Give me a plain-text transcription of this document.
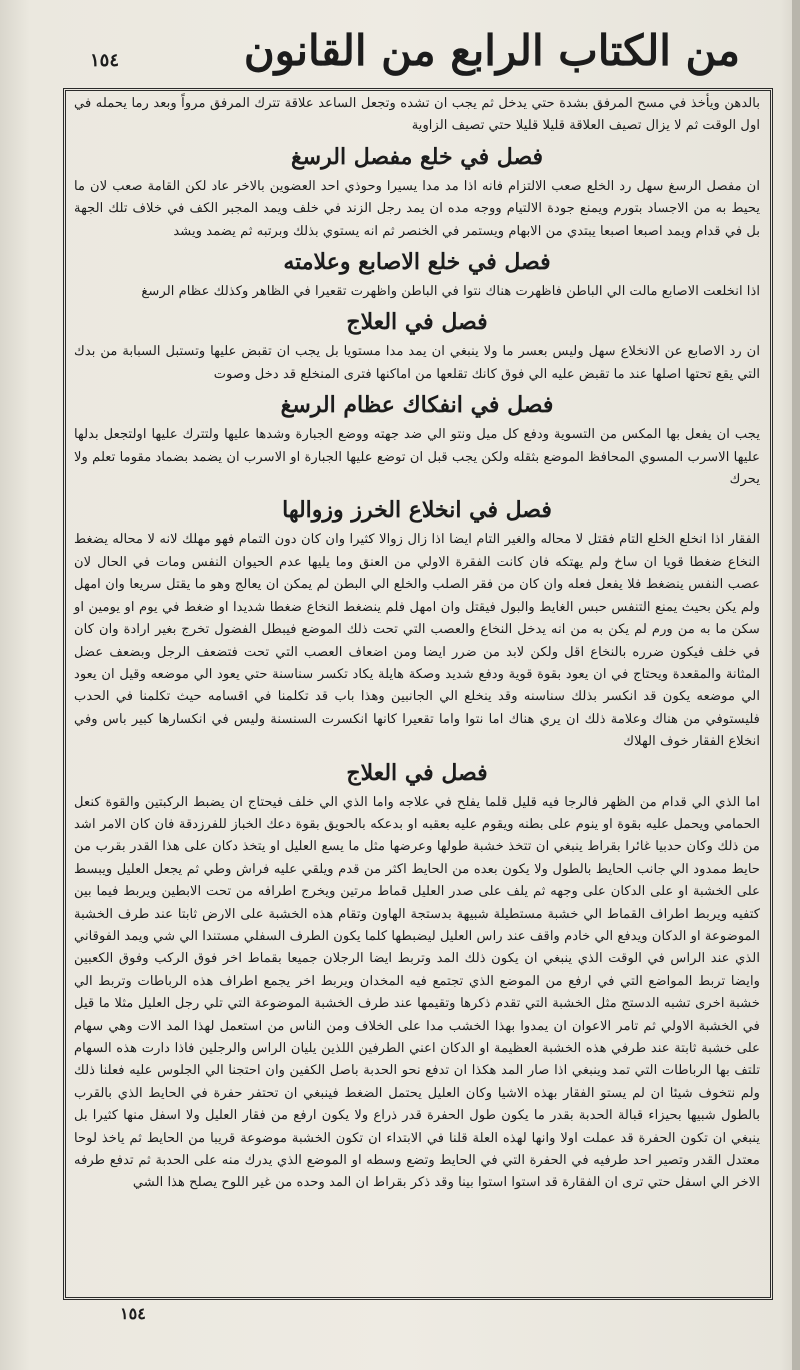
١٥٤	من الكتاب الرابع من القانون

بالدهن ويأخذ في مسح المرفق بشدة حتي يدخل ثم يجب ان تشده وتجعل الساعد علاقة تترك المرفق مرواً وبعد رما يحمله في اول الوقت ثم لا يزال تصيف العلاقة قليلا قليلا حتي تصيف الزاوية

فصل في خلع مفصل الرسغ

ان مفصل الرسغ سهل رد الخلع صعب الالتزام فانه اذا مد مدا يسيرا وحوذي احد العضوين بالاخر عاد لكن القامة صعب لان ما يحيط به من الاجساد بتورم ويمنع جودة الالتيام ووجه مده ان يمد رجل الزند في خلف ويمد المجبر الكف في خلاف تلك الجهة بل في قدام ويمد اصبعا اصبعا يبتدي من الابهام ويستمر في الخنصر ثم انه يستوي بذلك وبرتبه ثم يضمد ويشد

فصل في خلع الاصابع وعلامته

اذا انخلعت الاصابع مالت الي الباطن فاظهرت هناك نتوا في الباطن واظهرت تقعيرا في الظاهر وكذلك عظام الرسغ

فصل في العلاج

ان رد الاصابع عن الانخلاع سهل وليس بعسر ما ولا ينبغي ان يمد مدا مستويا بل يجب ان تقبض عليها وتستبل السبابة من بدك التي يقع تحتها اصلها عند ما تقبض عليه الي فوق كانك تقلعها من اماكنها فترى المنخلع قد دخل وصوت

فصل في انفكاك عظام الرسغ

يجب ان يفعل بها المكس من التسوية ودفع كل ميل ونتو الي ضد جهته ووضع الجبارة وشدها عليها ولتترك عليها اولتجعل بدلها عليها الاسرب المسوي المحافظ الموضع بثقله ولكن يجب قبل ان توضع عليها الجبارة او الاسرب ان يضمد بضماد مقوما تعلم ولا يحرك

فصل في انخلاع الخرز وزوالها

الفقار اذا انخلع الخلع التام فقتل لا محاله والغير التام ايضا اذا زال زوالا كثيرا وان كان دون التمام فهو مهلك لانه لا محاله يضغط النخاع ضغطا قويا ان ساخ ولم يهتكه فان كانت الفقرة الاولي من العنق وما يليها عدم الحيوان النفس ومات في الحال لان عصب النفس ينضغط فلا يفعل فعله وان كان من فقر الصلب والخلع الي البطن لم يمكن ان يعالج وهو ما يقتل سريعا وان امهل ولم يكن بحيث يمنع التنفس حبس الغايط والبول فيقتل وان امهل فلم ينضغط النخاع ضغطا شديدا او ضغط في يوم او يومين او سكن ما به من ورم لم يكن به من انه يدخل النخاع والعصب التي تحت ذلك الموضع فيبطل الفضول تخرج بغير ارادة وان كان في خلف فيكون ضرره بالنخاع اقل ولكن لابد من ضرر ايضا ومن اضعاف العصب التي تحت فتضعف الرجل وبضعف عضل المثانة والمقعدة ويحتاج في ان يعود بقوة قوية ودفع شديد وصكة هايلة يكاد تكسر سناسنة حتي يعود الي موضعه وقيل ان يعود الي موضعه يكون قد انكسر بذلك سناسنه وقد ينخلع الي الجانبين وهذا باب قد تكلمنا في اقسامه حيث تكلمنا في الحدب فليستوفي من هناك وعلامة ذلك ان يري هناك اما نتوا واما تقعيرا كانها انكسرت السنسنة وليس في انكسارها كبير باس وفي انخلاع الفقار خوف الهلاك

فصل في العلاج

اما الذي الي قدام من الظهر فالرجا فيه قليل قلما يفلح في علاجه واما الذي الي خلف فيحتاج ان يضبط الركبتين والقوة كنعل الحمامي ويحمل عليه بقوة او ينوم على بطنه ويقوم عليه بعقبه او بدعكه بالحويق بقوة دعك الخباز للفرزدقة فان كان الامر اشد من ذلك وكان حدبيا غائرا بقراط ينبغي ان تتخذ خشبة طولها وعرضها مثل ما يسع العليل او يتخذ دكان على هذا القدر بقرب من حايط ممدود الي جانب الحايط بالطول ولا يكون بعده من الحايط اكثر من قدم ويلقي عليه فراش وطي ثم يجعل العليل ويبسط على الخشبة او على الدكان على وجهه ثم يلف على صدر العليل قماط مرتين ويخرج اطرافه من تحت الابطين ويربط فيما بين كتفيه ويربط اطراف القماط الي خشبة مستطيلة شبيهة بدستجة الهاون وتقام هذه الخشبة على الارض ثابتا عند طرف الخشبة الموضوعة او الدكان ويدفع الي خادم واقف عند راس العليل ليضبطها كلما يكون الطرف السفلي مستندا الي شي ويمد الفوقاني الذي عند الراس في الوقت الذي ينبغي ان يكون ذلك المد وتربط ايضا الرجلان جميعا بقماط اخر فوق الركب وفوق الكعبين وايضا تربط المواضع التي في ارفع من الموضع الذي تجتمع فيه المخدان ويربط اخر يجمع اطراف هذه الرباطات وتربط الي خشبة اخرى تشبه الدستج مثل الخشبة التي تقدم ذكرها وتقيمها عند طرف الخشبة الموضوعة التي تلي رجل العليل مثلا ما قيل في الخشبة الاولي ثم تامر الاعوان ان يمدوا بهذا الخشب مدا على الخلاف ومن الناس من استعمل لهذا المد الات وهي سهام على خشبة ثابتة عند طرفي هذه الخشبة العظيمة او الدكان اعني الطرفين اللذين يليان الراس والرجلين فاذا دارت هذه السهام تلتف بها الرباطات التي تمد وينبغي اذا صار المد هكذا ان تدفع نحو الحدبة باصل الكفين وان احتجنا الي الجلوس عليه فعلنا ذلك ولم نتخوف شيئا ان لم يستو الفقار بهذه الاشيا وكان العليل يحتمل الضغط فينبغي ان تحتفر حفرة في الحايط الذي بالقرب بالطول شبيها بحيزاء قبالة الحدبة بقدر ما يكون طول الحفرة قدر ذراع ولا يكون ارفع من فقار العليل ولا اسفل منها كثيرا بل ينبغي ان تكون الحفرة قد عملت اولا وانها لهذه العلة قلنا في الابتداء ان تكون الخشبة موضوعة قريبا من الحايط ثم ياخذ لوحا معتدل القدر وتصير احد طرفيه في الحفرة التي في الحايط وتضع وسطه او الموضع الذي يدرك منه على الحدبة ثم تدفع طرفه الاخر الي اسفل حتي ترى ان الفقارة قد استوا استوا بينا وقد ذكر بقراط ان المد وحده من غير اللوح يصلح هذا الشي

١٥٤
